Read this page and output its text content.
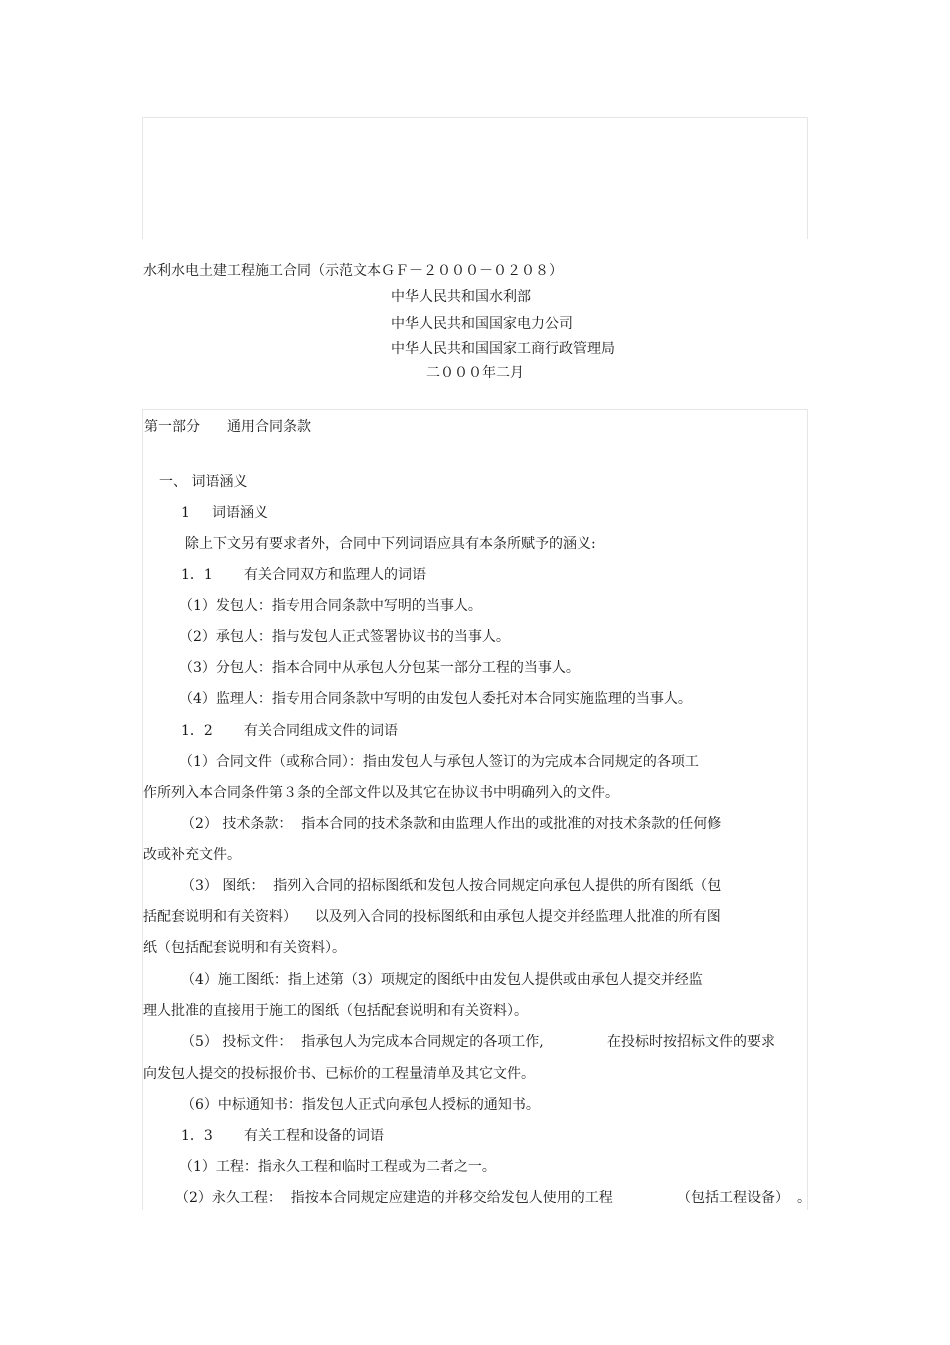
水利水电土建工程施工合同（示范文本ＧＦ－２０００－０２０８）
中华人民共和国水利部
中华人民共和国国家电力公司
中华人民共和国国家工商行政管理局
二０００年二月
第一部分 通用合同条款
一、 词语涵义
1 词语涵义
除上下文另有要求者外，合同中下列词语应具有本条所赋予的涵义:
1．1 有关合同双方和监理人的词语
（1）发包人：指专用合同条款中写明的当事人。
（2）承包人：指与发包人正式签署协议书的当事人。
（3）分包人：指本合同中从承包人分包某一部分工程的当事人。
（4）监理人：指专用合同条款中写明的由发包人委托对本合同实施监理的当事人。
1．2 有关合同组成文件的词语
（1）合同文件（或称合同）：指由发包人与承包人签订的为完成本合同规定的各项工
作所列入本合同条件第３条的全部文件以及其它在协议书中明确列入的文件。
（2） 技术条款：  指本合同的技术条款和由监理人作出的或批准的对技术条款的任何修
改或补充文件。
（3） 图纸：  指列入合同的招标图纸和发包人按合同规定向承包人提供的所有图纸（包
括配套说明和有关资料）    以及列入合同的投标图纸和由承包人提交并经监理人批准的所有图
纸（包括配套说明和有关资料）。
（4）施工图纸：指上述第（3）项规定的图纸中由发包人提供或由承包人提交并经监
理人批准的直接用于施工的图纸（包括配套说明和有关资料）。
（5） 投标文件：  指承包人为完成本合同规定的各项工作,	在投标时按招标文件的要求
向发包人提交的投标报价书、已标价的工程量清单及其它文件。
（6）中标通知书：指发包人正式向承包人授标的通知书。
1．3 有关工程和设备的词语
（1）工程：指永久工程和临时工程或为二者之一。
（2）永久工程：  指按本合同规定应建造的并移交给发包人使用的工程	（包括工程设备） 。
